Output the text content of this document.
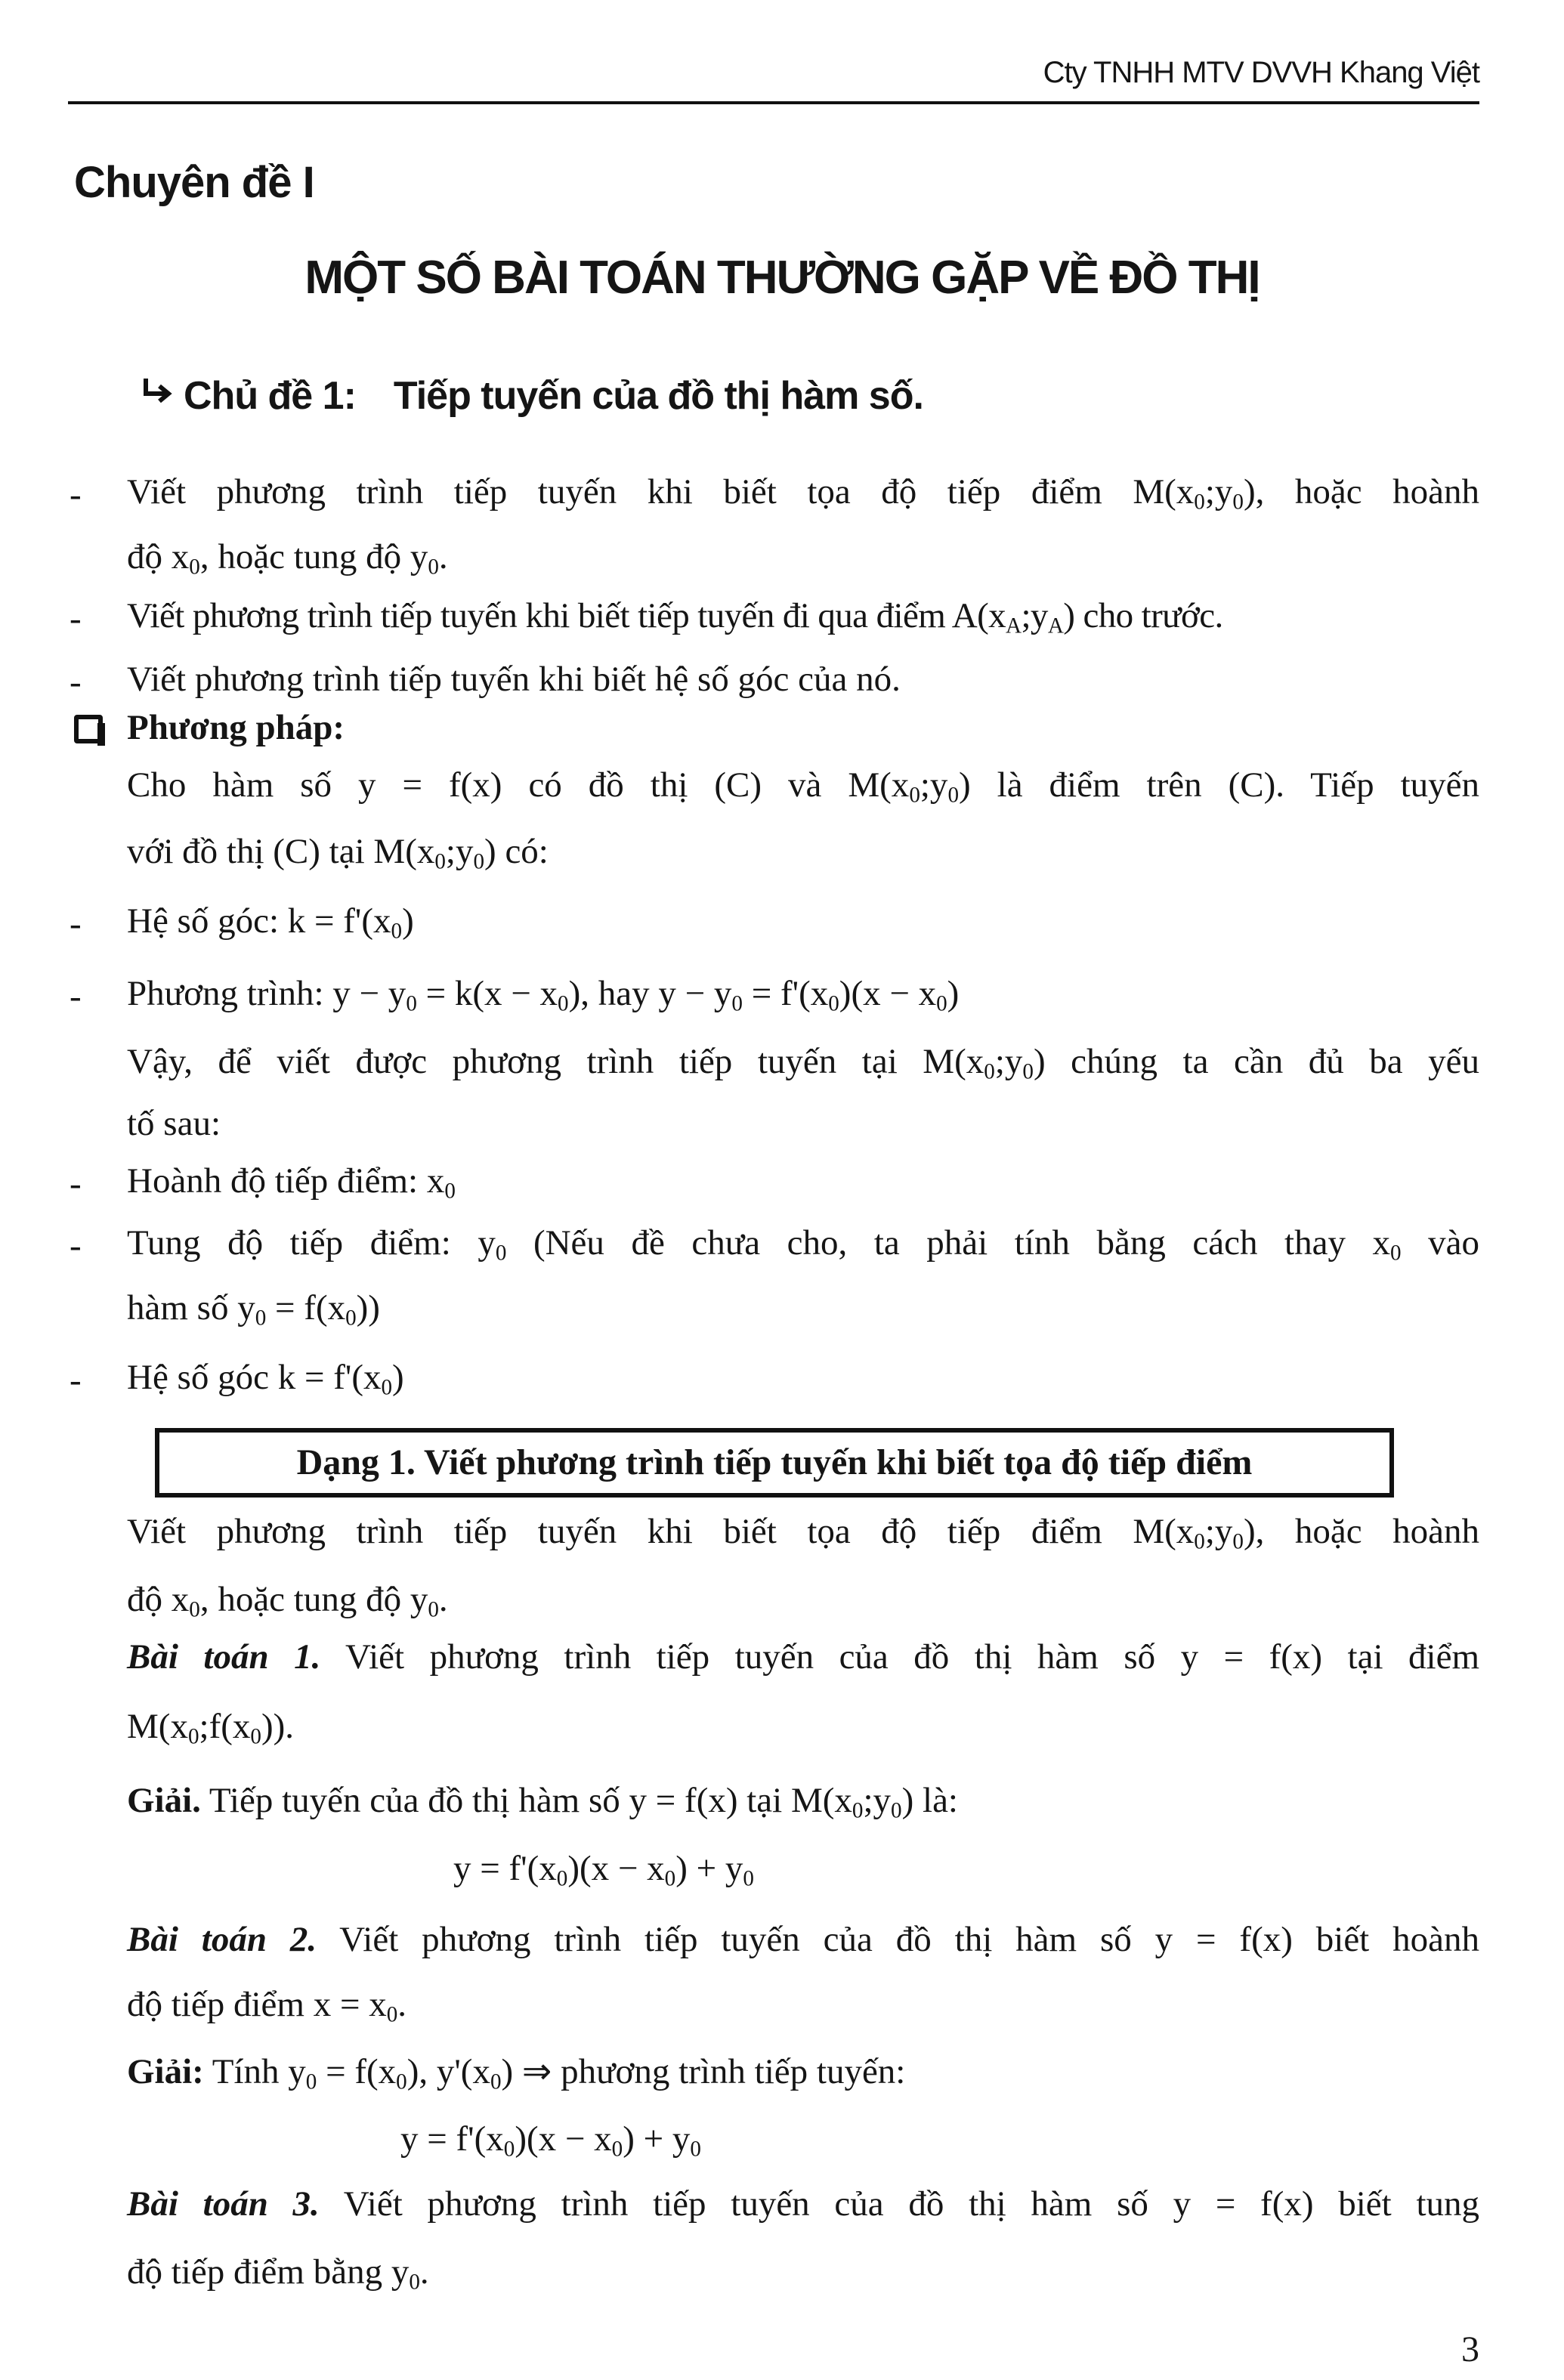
Cty TNHH MTV DVVH Khang Việt
Chuyên đề I
MỘT SỐ BÀI TOÁN THƯỜNG GẶP VỀ ĐỒ THỊ
Chủ đề 1: Tiếp tuyến của đồ thị hàm số.
- Viết phương trình tiếp tuyến khi biết tọa độ tiếp điểm $M(x_0;y_0)$, hoặc hoành
độ $x_0$, hoặc tung độ $y_0$.
- Viết phương trình tiếp tuyến khi biết tiếp tuyến đi qua điểm $A(x_A;y_A)$ cho trước.
- Viết phương trình tiếp tuyến khi biết hệ số góc của nó.
Phương pháp:
Cho hàm số y = f(x) có đồ thị (C) và $M(x_0;y_0)$ là điểm trên (C). Tiếp tuyến
với đồ thị (C) tại $M(x_0;y_0)$ có:
- Hệ số góc: $k = f'(x_0)$
- Phương trình: $y - y_0 = k(x - x_0)$, hay $y - y_0 = f'(x_0)(x - x_0)$
Vậy, để viết được phương trình tiếp tuyến tại $M(x_0;y_0)$ chúng ta cần đủ ba yếu
tố sau:
- Hoành độ tiếp điểm: $x_0$
- Tung độ tiếp điểm: $y_0$ (Nếu đề chưa cho, ta phải tính bằng cách thay $x_0$ vào
hàm số $y_0 = f(x_0)$)
- Hệ số góc $k = f'(x_0)$
Dạng 1. Viết phương trình tiếp tuyến khi biết tọa độ tiếp điểm
Viết phương trình tiếp tuyến khi biết tọa độ tiếp điểm $M(x_0;y_0)$, hoặc hoành
độ $x_0$, hoặc tung độ $y_0$.
Bài toán 1. Viết phương trình tiếp tuyến của đồ thị hàm số y = f(x) tại điểm
$M(x_0;f(x_0))$.
Giải. Tiếp tuyến của đồ thị hàm số y = f(x) tại $M(x_0;y_0)$ là:
$y = f'(x_0)(x - x_0) + y_0$
Bài toán 2. Viết phương trình tiếp tuyến của đồ thị hàm số y = f(x) biết hoành
độ tiếp điểm $x = x_0$.
Giải: Tính $y_0 = f(x_0)$, $y'(x_0)$ ⇒ phương trình tiếp tuyến:
$y = f'(x_0)(x - x_0) + y_0$
Bài toán 3. Viết phương trình tiếp tuyến của đồ thị hàm số y = f(x) biết tung
độ tiếp điểm bằng $y_0$.
3
